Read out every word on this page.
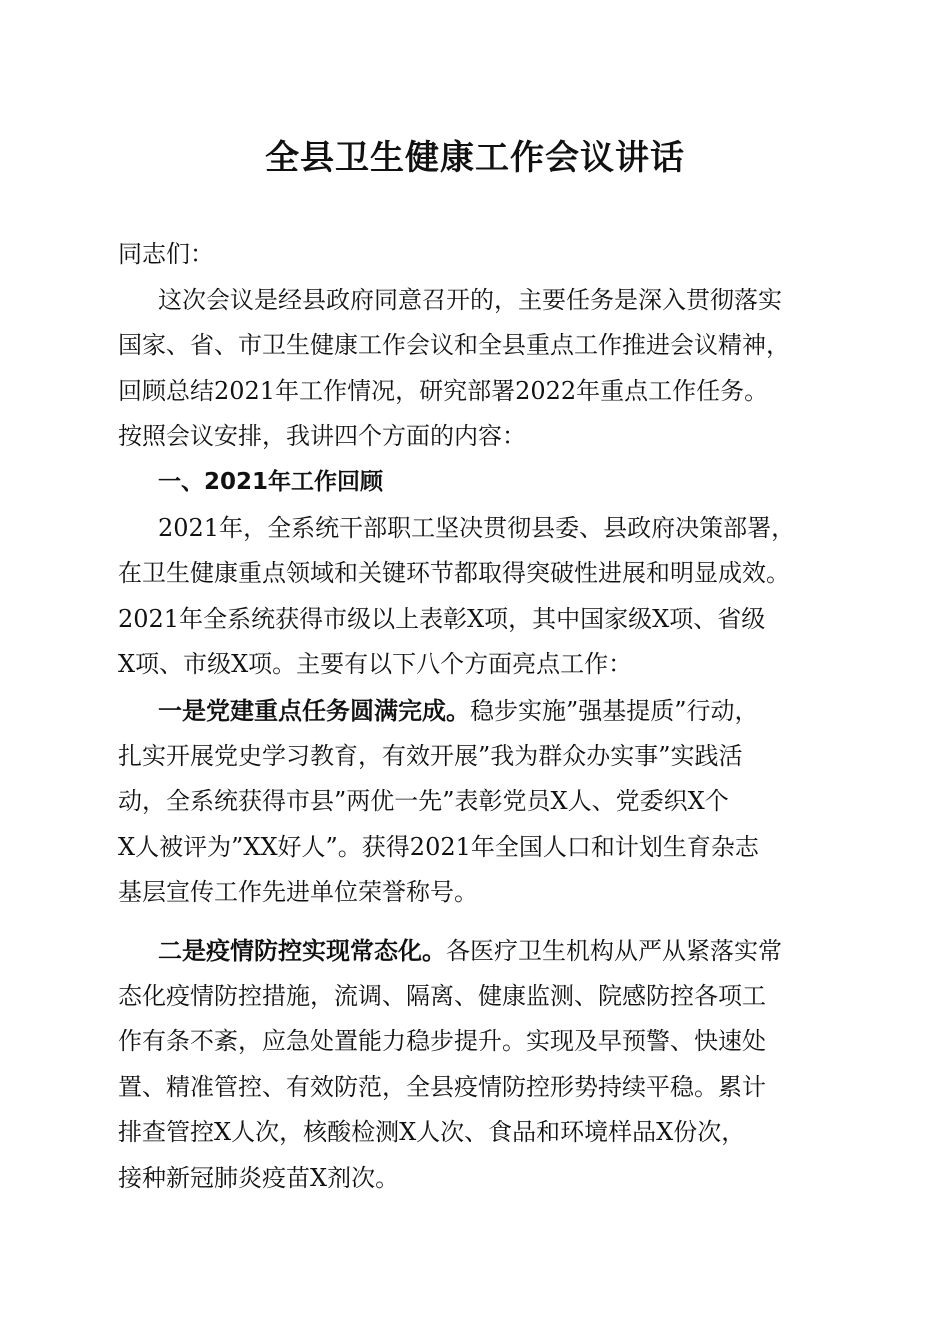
全县卫生健康工作会议讲话
同志们：
这次会议是经县政府同意召开的，主要任务是深入贯彻落实
国家、省、市卫生健康工作会议和全县重点工作推进会议精神，
回顾总结2021年工作情况，研究部署2022年重点工作任务。
按照会议安排，我讲四个方面的内容：
一、2021年工作回顾
2021年，全系统干部职工坚决贯彻县委、县政府决策部署，
在卫生健康重点领域和关键环节都取得突破性进展和明显成效。
2021年全系统获得市级以上表彰X项，其中国家级X项、省级
X项、市级X项。主要有以下八个方面亮点工作：
一是党建重点任务圆满完成。稳步实施”强基提质”行动，
扎实开展党史学习教育，有效开展”我为群众办实事”实践活
动，全系统获得市县”两优一先”表彰党员X人、党委织X个
X人被评为”XX好人”。获得2021年全国人口和计划生育杂志
基层宣传工作先进单位荣誉称号。
二是疫情防控实现常态化。各医疗卫生机构从严从紧落实常
态化疫情防控措施，流调、隔离、健康监测、院感防控各项工
作有条不紊，应急处置能力稳步提升。实现及早预警、快速处
置、精准管控、有效防范，全县疫情防控形势持续平稳。累计
排查管控X人次，核酸检测X人次、食品和环境样品X份次，
接种新冠肺炎疫苗X剂次。
